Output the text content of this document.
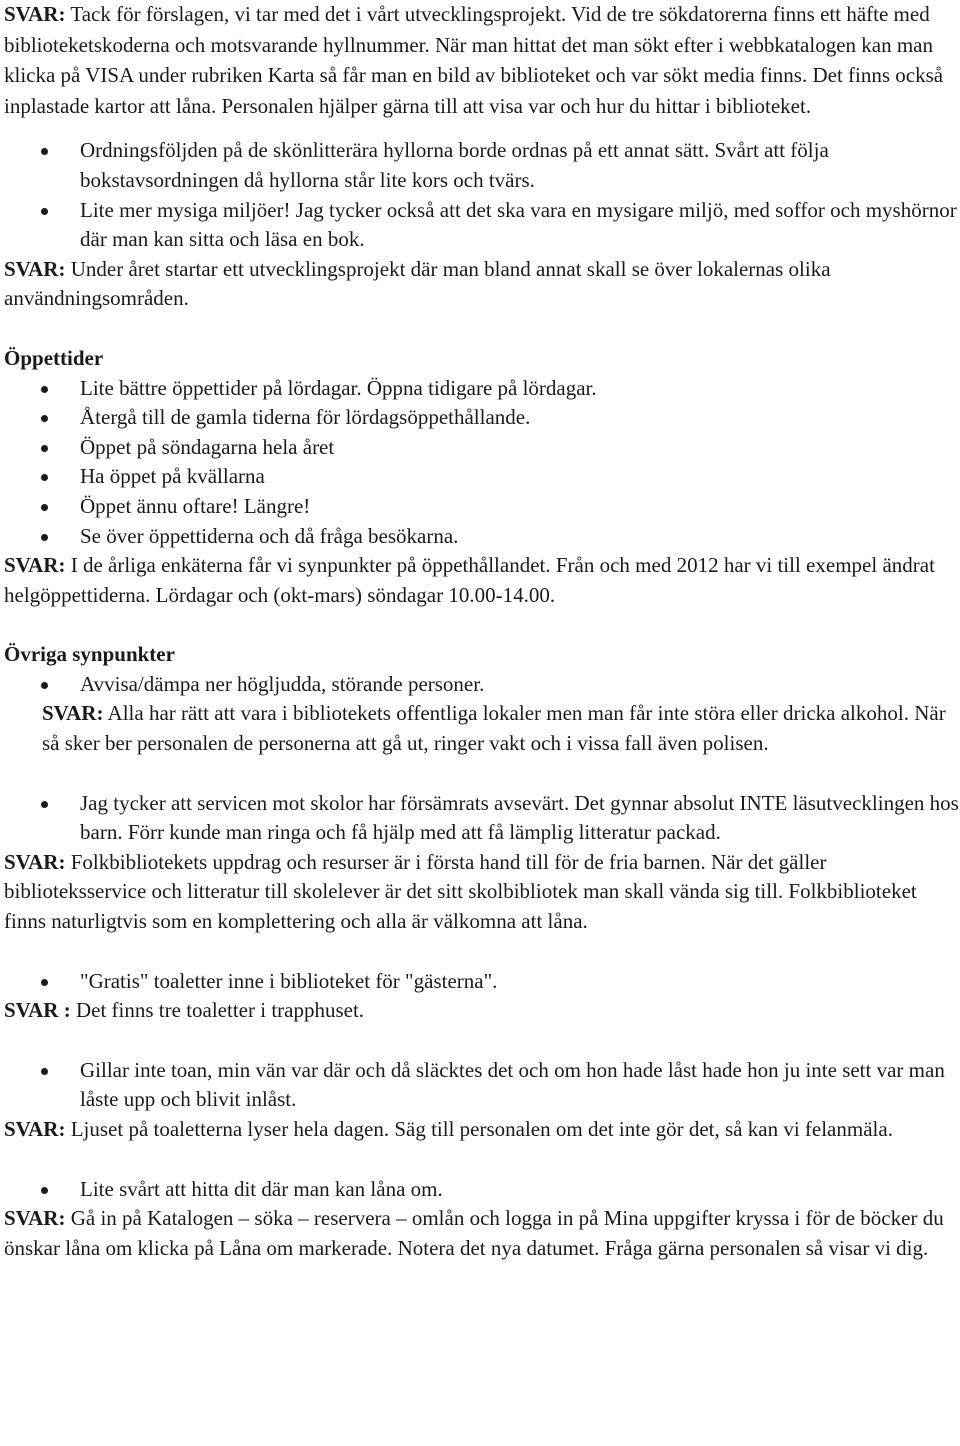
SVAR: Tack för förslagen, vi tar med det i vårt utvecklingsprojekt. Vid de tre sökdatorerna finns ett häfte med biblioteketskoderna och motsvarande hyllnummer. När man hittat det man sökt efter i webbkatalogen kan man klicka på VISA under rubriken Karta så får man en bild av biblioteket och var sökt media finns. Det finns också inplastade kartor att låna. Personalen hjälper gärna till att visa var och hur du hittar i biblioteket.

Ordningsföljden på de skönlitterära hyllorna borde ordnas på ett annat sätt. Svårt att följa bokstavsordningen då hyllorna står lite kors och tvärs.
Lite mer mysiga miljöer! Jag tycker också att det ska vara en mysigare miljö, med soffor och myshörnor där man kan sitta och läsa en bok.

SVAR: Under året startar ett utvecklingsprojekt där man bland annat skall se över lokalernas olika användningsområden.

Öppettider

Lite bättre öppettider på lördagar. Öppna tidigare på lördagar.
Återgå till de gamla tiderna för lördagsöppethållande.
Öppet på söndagarna hela året
Ha öppet på kvällarna
Öppet ännu oftare! Längre!
Se över öppettiderna och då fråga besökarna.

SVAR: I de årliga enkäterna får vi synpunkter på öppethållandet. Från och med 2012 har vi till exempel ändrat helgöppettiderna. Lördagar och (okt-mars) söndagar 10.00-14.00.

Övriga synpunkter

Avvisa/dämpa ner högljudda, störande personer.

SVAR: Alla har rätt att vara i bibliotekets offentliga lokaler men man får inte störa eller dricka alkohol. När så sker ber personalen de personerna att gå ut, ringer vakt och i vissa fall även polisen.

Jag tycker att servicen mot skolor har försämrats avsevärt. Det gynnar absolut INTE läsutvecklingen hos barn. Förr kunde man ringa och få hjälp med att få lämplig litteratur packad.

SVAR: Folkbibliotekets uppdrag och resurser är i första hand till för de fria barnen. När det gäller biblioteksservice och litteratur till skolelever är det sitt skolbibliotek man skall vända sig till. Folkbiblioteket finns naturligtvis som en komplettering och alla är välkomna att låna.

"Gratis" toaletter inne i biblioteket för "gästerna".

SVAR : Det finns tre toaletter i trapphuset.

Gillar inte toan, min vän var där och då släcktes det och om hon hade låst hade hon ju inte sett var man låste upp och blivit inlåst.

SVAR: Ljuset på toaletterna lyser hela dagen. Säg till personalen om det inte gör det, så kan vi felanmäla.

Lite svårt att hitta dit där man kan låna om.

SVAR: Gå in på Katalogen – söka – reservera – omlån och logga in på Mina uppgifter kryssa i för de böcker du önskar låna om klicka på Låna om markerade. Notera det nya datumet. Fråga gärna personalen så visar vi dig.
